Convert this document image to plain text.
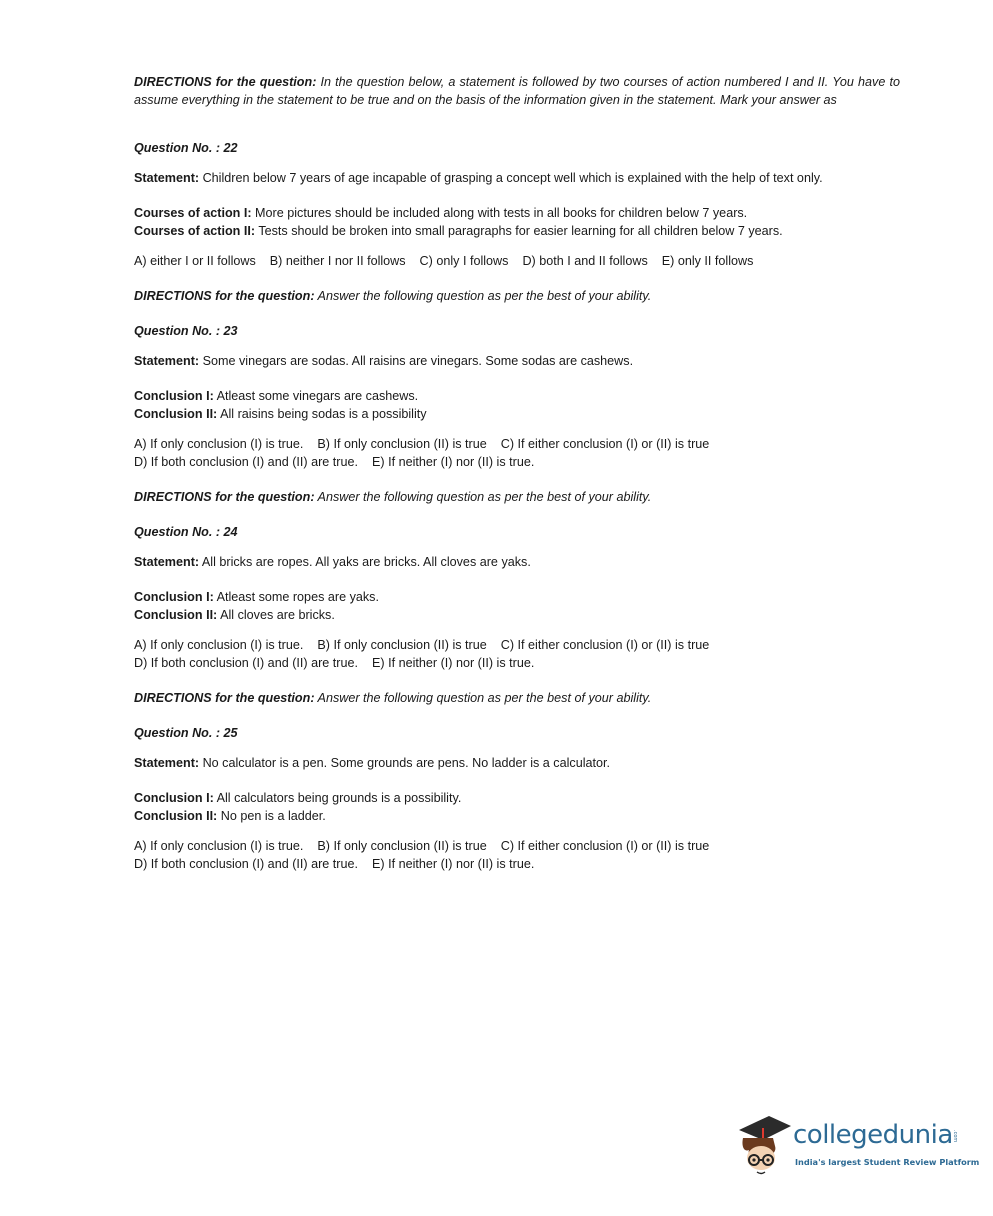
DIRECTIONS for the question: In the question below, a statement is followed by two courses of action numbered I and II. You have to assume everything in the statement to be true and on the basis of the information given in the statement. Mark your answer as

Question No. : 22

Statement: Children below 7 years of age incapable of grasping a concept well which is explained with the help of text only.

Courses of action I: More pictures should be included along with tests in all books for children below 7 years.

Courses of action II: Tests should be broken into small paragraphs for easier learning for all children below 7 years.

A) either I or II follows    B) neither I nor II follows    C) only I follows    D) both I and II follows    E) only II follows

DIRECTIONS for the question: Answer the following question as per the best of your ability.

Question No. : 23

Statement: Some vinegars are sodas. All raisins are vinegars. Some sodas are cashews.

Conclusion I: Atleast some vinegars are cashews.

Conclusion II: All raisins being sodas is a possibility

A) If only conclusion (I) is true.    B) If only conclusion (II) is true    C) If either conclusion (I) or (II) is true

D) If both conclusion (I) and (II) are true.    E) If neither (I) nor (II) is true.

DIRECTIONS for the question: Answer the following question as per the best of your ability.

Question No. : 24

Statement: All bricks are ropes. All yaks are bricks. All cloves are yaks.

Conclusion I: Atleast some ropes are yaks.

Conclusion II: All cloves are bricks.

A) If only conclusion (I) is true.    B) If only conclusion (II) is true    C) If either conclusion (I) or (II) is true

D) If both conclusion (I) and (II) are true.    E) If neither (I) nor (II) is true.

DIRECTIONS for the question: Answer the following question as per the best of your ability.

Question No. : 25

Statement: No calculator is a pen. Some grounds are pens. No ladder is a calculator.

Conclusion I: All calculators being grounds is a possibility.

Conclusion II: No pen is a ladder.

A) If only conclusion (I) is true.    B) If only conclusion (II) is true    C) If either conclusion (I) or (II) is true

D) If both conclusion (I) and (II) are true.    E) If neither (I) nor (II) is true.

collegedunia .com
India's largest Student Review Platform
